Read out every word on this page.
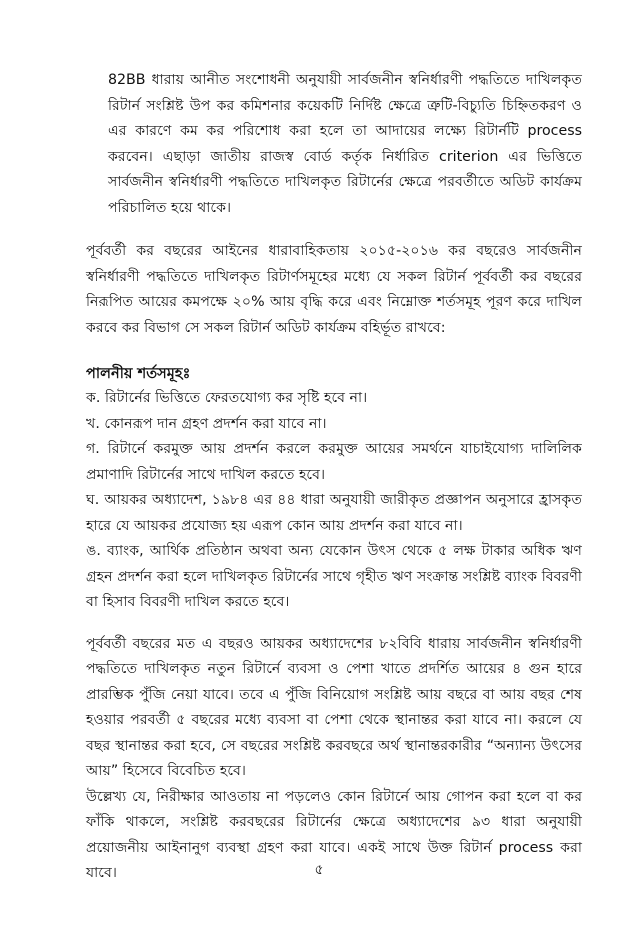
82BB ধারায় আনীত সংশোধনী অনুযায়ী সার্বজনীন স্বনির্ধারণী পদ্ধতিতে দাখিলকৃত রিটার্ন সংশ্লিষ্ট উপ কর কমিশনার কয়েকটি নির্দিষ্ট ক্ষেত্রে ত্রুটি-বিচ্যুতি চিহ্নিতকরণ ও এর কারণে কম কর পরিশোধ করা হলে তা আদায়ের লক্ষ্যে রিটার্নটি process করবেন। এছাড়া জাতীয় রাজস্ব বোর্ড কর্তৃক নির্ধারিত criterion এর ভিত্তিতে সার্বজনীন স্বনির্ধারণী পদ্ধতিতে দাখিলকৃত রিটার্নের ক্ষেত্রে পরবর্তীতে অডিট কার্যক্রম পরিচালিত হয়ে থাকে।

পূর্ববর্তী কর বছরের আইনের ধারাবাহিকতায় ২০১৫-২০১৬ কর বছরেও সার্বজনীন স্বনির্ধারণী পদ্ধতিতে দাখিলকৃত রিটার্ণসমূহের মধ্যে যে সকল রিটার্ন পূর্ববর্তী কর বছরের নিরূপিত আয়ের কমপক্ষে ২০% আয় বৃদ্ধি করে এবং নিম্নোক্ত শর্তসমূহ পূরণ করে দাখিল করবে কর বিভাগ সে সকল রিটার্ন অডিট কার্যক্রম বহির্ভূত রাখবে:

পালনীয় শর্তসমূহঃ

ক. রিটার্নের ভিত্তিতে ফেরতযোগ্য কর সৃষ্টি হবে না।

খ. কোনরূপ দান গ্রহণ প্রদর্শন করা যাবে না।

গ. রিটার্নে করমুক্ত আয় প্রদর্শন করলে করমুক্ত আয়ের সমর্থনে যাচাইযোগ্য দালিলিক প্রমাণাদি রিটার্নের সাথে দাখিল করতে হবে।

ঘ. আয়কর অধ্যাদেশ, ১৯৮৪ এর ৪৪ ধারা অনুযায়ী জারীকৃত প্রজ্ঞাপন অনুসারে হ্রাসকৃত হারে যে আয়কর প্রযোজ্য হয় এরূপ কোন আয় প্রদর্শন করা যাবে না।

ঙ. ব্যাংক, আর্থিক প্রতিষ্ঠান অথবা অন্য যেকোন উৎস থেকে ৫ লক্ষ টাকার অধিক ঋণ গ্রহন প্রদর্শন করা হলে দাখিলকৃত রিটার্নের সাথে গৃহীত ঋণ সংক্রান্ত সংশ্লিষ্ট ব্যাংক বিবরণী বা হিসাব বিবরণী দাখিল করতে হবে।

পূর্ববর্তী বছরের মত এ বছরও আয়কর অধ্যাদেশের ৮২বিবি ধারায় সার্বজনীন স্বনির্ধারণী পদ্ধতিতে দাখিলকৃত নতুন রিটার্নে ব্যবসা ও পেশা খাতে প্রদর্শিত আয়ের ৪ গুন হারে প্রারম্ভিক পুঁজি নেয়া যাবে। তবে এ পুঁজি বিনিয়োগ সংশ্লিষ্ট আয় বছরে বা আয় বছর শেষ হওয়ার পরবর্তী ৫ বছরের মধ্যে ব্যবসা বা পেশা থেকে স্থানান্তর করা যাবে না। করলে যে বছর স্থানান্তর করা হবে, সে বছরের সংশ্লিষ্ট করবছরে অর্থ স্থানান্তরকারীর “অন্যান্য উৎসের আয়” হিসেবে বিবেচিত হবে।

উল্লেখ্য যে, নিরীক্ষার আওতায় না পড়লেও কোন রিটার্নে আয় গোপন করা হলে বা কর ফাঁকি থাকলে, সংশ্লিষ্ট করবছরের রিটার্নের ক্ষেত্রে অধ্যাদেশের ৯৩ ধারা অনুযায়ী প্রয়োজনীয় আইনানুগ ব্যবস্থা গ্রহণ করা যাবে। একই সাথে উক্ত রিটার্ন process করা যাবে।	৫
